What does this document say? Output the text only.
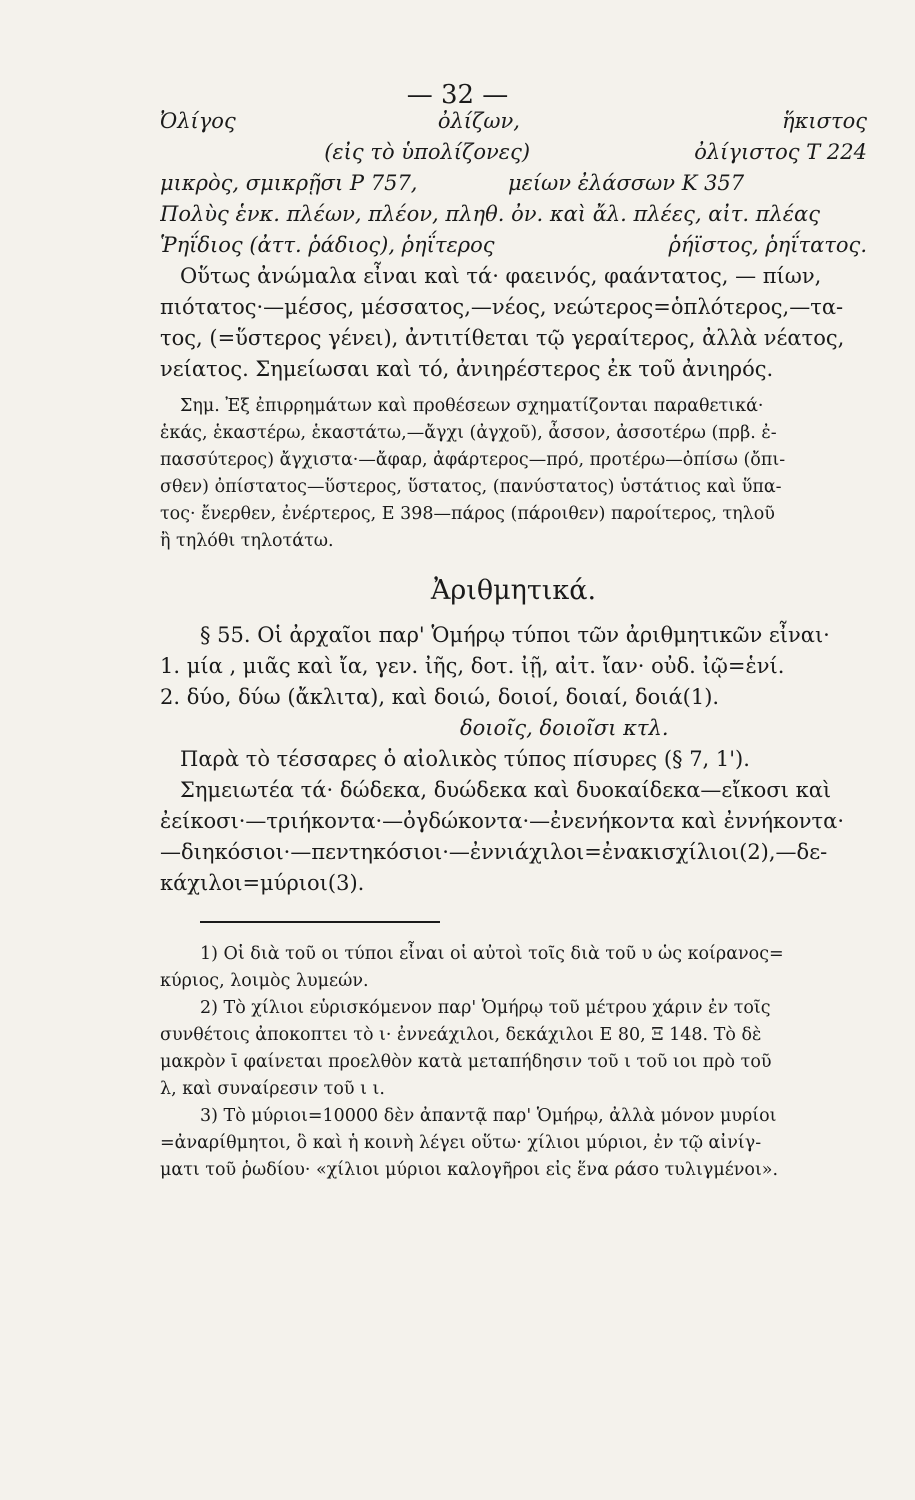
— 32 —
Ὀλίγος	ὀλίζων,	ἥκιστος
(εἰς τὸ ὑπολίζονες)	ὀλίγιστος Τ 224
μικρὸς, σμικρῇσι Ρ 757,	μείων ἐλάσσων Κ 357
Πολὺς ἑνκ. πλέων, πλέον, πληθ. ὀν. καὶ ἄλ. πλέες, αἰτ. πλέας
Ῥηΐδιος (ἀττ. ῥάδιος), ῥηΐτερος	ῥήϊστος, ῥηΐτατος.
Οὕτως ἀνώμαλα εἶναι καὶ τά· φαεινός, φαάντατος, — πίων,
πιότατος·—μέσος, μέσσατος,—νέος, νεώτερος=ὁπλότερος,—τα-
τος, (=ὕστερος γένει), ἀντιτίθεται τῷ γεραίτερος, ἀλλὰ νέατος,
νείατος. Σημείωσαι καὶ τό, ἀνιηρέστερος ἐκ τοῦ ἀνιηρός.
Σημ. Ἐξ ἐπιρρημάτων καὶ προθέσεων σχηματίζονται παραθετικά·
ἑκάς, ἑκαστέρω, ἑκαστάτω,—ἄγχι (ἀγχοῦ), ἆσσον, ἀσσοτέρω (πρβ. ἐ-
πασσύτερος) ἄγχιστα·—ἄφαρ, ἀφάρτερος—πρό, προτέρω—ὀπίσω (ὄπι-
σθεν) ὀπίστατος—ὕστερος, ὕστατος, (πανύστατος) ὑστάτιος καὶ ὕπα-
τος· ἔνερθεν, ἐνέρτερος, Ε 398—πάρος (πάροιθεν) παροίτερος, τηλοῦ
ἢ τηλόθι τηλοτάτω.
Ἀριθμητικά.
§ 55. Οἱ ἀρχαῖοι παρ' Ὁμήρῳ τύποι τῶν ἀριθμητικῶν εἶναι·
1. μία , μιᾶς καὶ ἴα, γεν. ἰῆς, δοτ. ἰῇ, αἰτ. ἴαν· οὐδ. ἰῷ=ἑνί.
2. δύο, δύω (ἄκλιτα), καὶ δοιώ, δοιοί, δοιαί, δοιά(1).
δοιοῖς, δοιοῖσι κτλ.
Παρὰ τὸ τέσσαρες ὁ αἰολικὸς τύπος πίσυρες (§ 7, 1').
Σημειωτέα τά· δώδεκα, δυώδεκα καὶ δυοκαίδεκα—εἴκοσι καὶ
ἐείκοσι·—τριήκοντα·—ὀγδώκοντα·—ἐνενήκοντα καὶ ἐννήκοντα·
—διηκόσιοι·—πεντηκόσιοι·—ἐννιάχιλοι=ἐνακισχίλιοι(2),—δε-
κάχιλοι=μύριοι(3).
1) Οἱ διὰ τοῦ οι τύποι εἶναι οἱ αὐτοὶ τοῖς διὰ τοῦ υ ὡς κοίρανος=
κύριος, λοιμὸς λυμεών.
2) Τὸ χίλιοι εὑρισκόμενον παρ' Ὁμήρῳ τοῦ μέτρου χάριν ἐν τοῖς
συνθέτοις ἀποκοπτει τὸ ι· ἐννεάχιλοι, δεκάχιλοι Ε 80, Ξ 148. Τὸ δὲ
μακρὸν ῑ φαίνεται προελθὸν κατὰ μεταπήδησιν τοῦ ι τοῦ ιοι πρὸ τοῦ
λ, καὶ συναίρεσιν τοῦ ι ι.
3) Τὸ μύριοι=10000 δὲν ἀπαντᾷ παρ' Ὁμήρῳ, ἀλλὰ μόνον μυρίοι
=ἀναρίθμητοι, ὃ καὶ ἡ κοινὴ λέγει οὕτω· χίλιοι μύριοι, ἐν τῷ αἰνίγ-
ματι τοῦ ῥωδίου· «χίλιοι μύριοι καλογῆροι εἰς ἕνα ράσο τυλιγμένοι».
